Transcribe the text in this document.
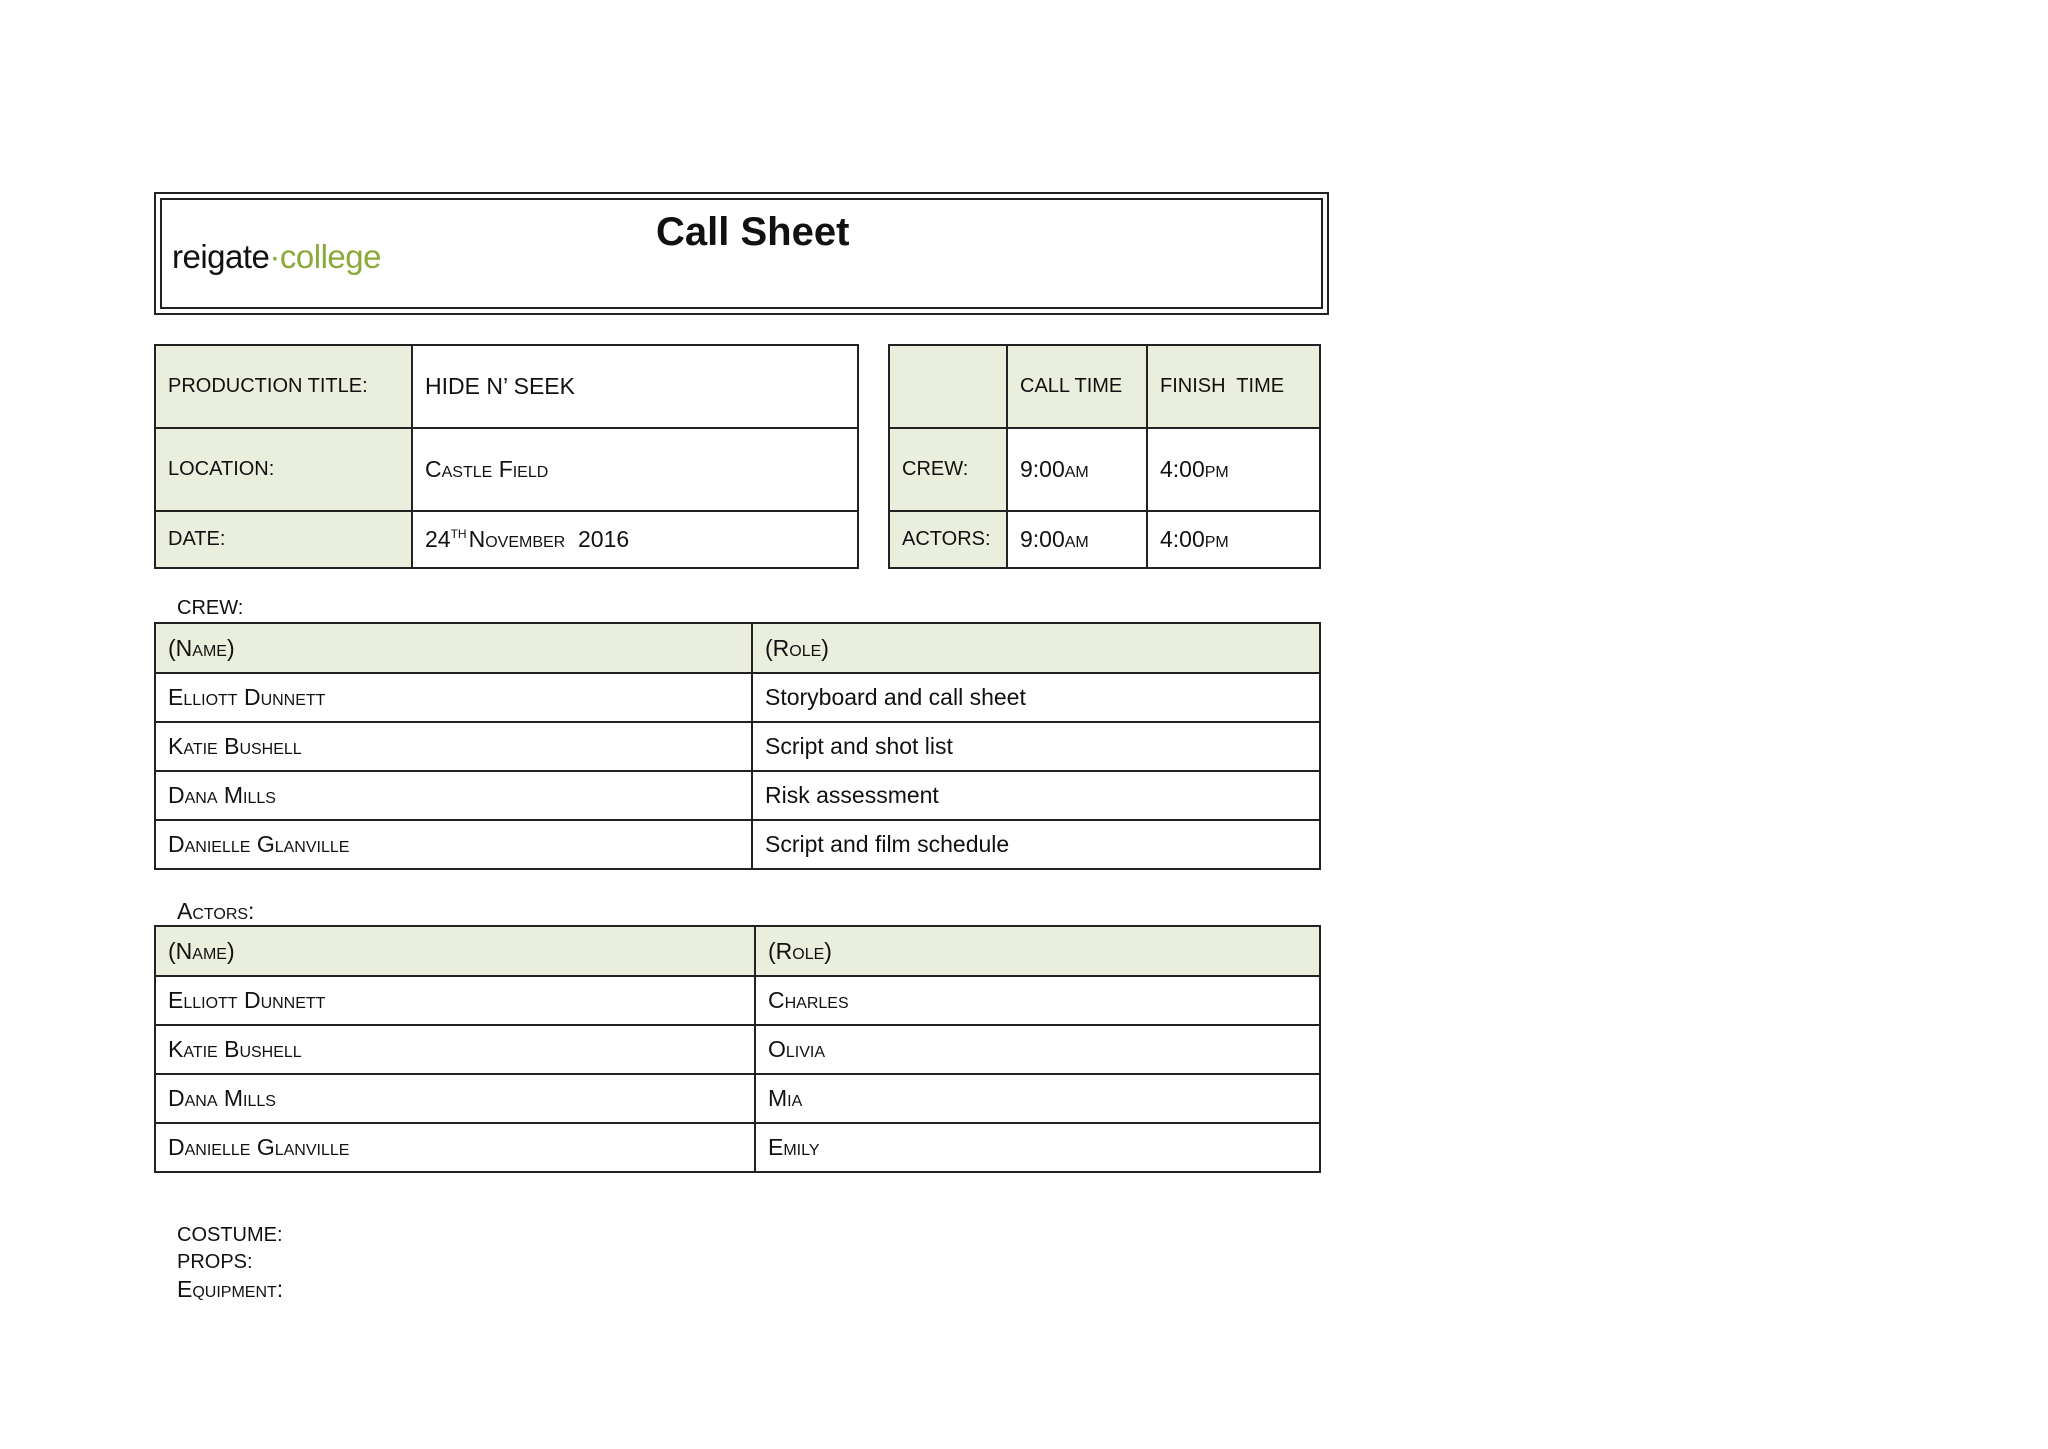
reigate·college
Call Sheet
PRODUCTION TITLE:	HIDE N’ SEEK
LOCATION:	Castle Field
DATE:	24THNovember  2016
	CALL TIME	FINISH  TIME
CREW:	9:00am	4:00pm
ACTORS:	9:00am	4:00pm
CREW:
(Name)	(Role)
Elliott Dunnett	Storyboard and call sheet
Katie Bushell	Script and shot list
Dana Mills	Risk assessment
Danielle Glanville	Script and film schedule
Actors:
(Name)	(Role)
Elliott Dunnett	Charles
Katie Bushell	Olivia
Dana Mills	Mia
Danielle Glanville	Emily
COSTUME:
PROPS:
Equipment:
